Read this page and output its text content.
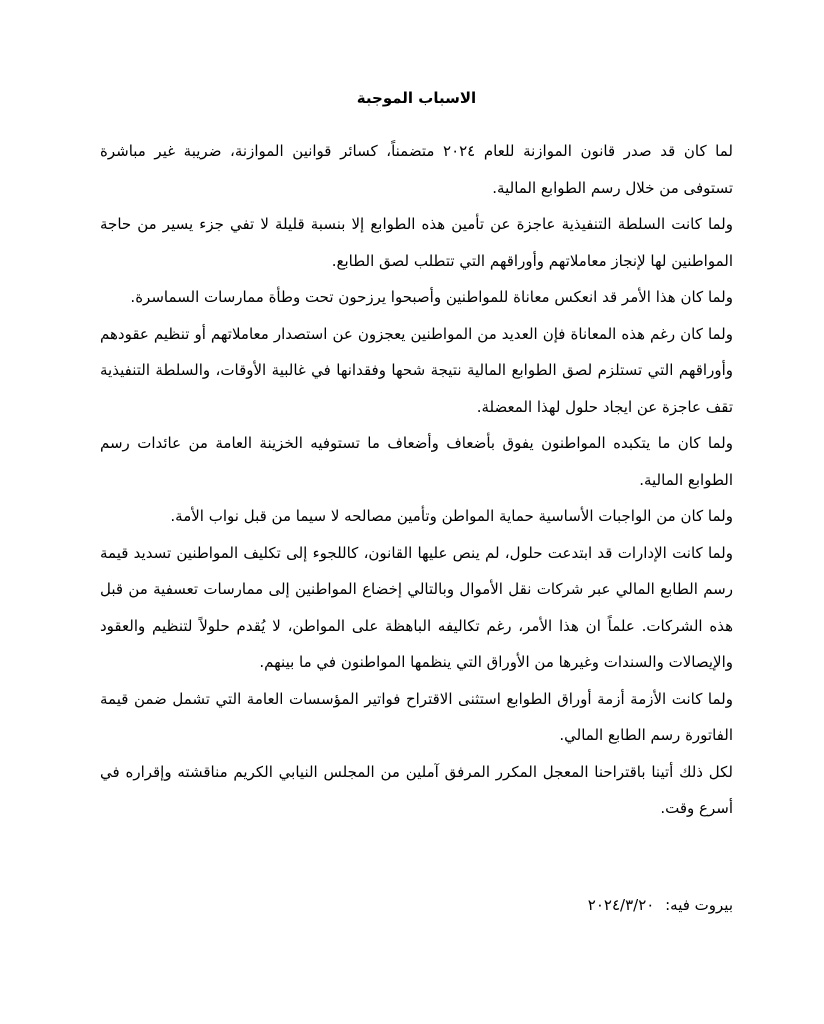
الاسباب الموجبة

لما كان قد صدر قانون الموازنة للعام ٢٠٢٤ متضمناً، كسائر قوانين الموازنة، ضريبة غير مباشرة تستوفى من خلال رسم الطوابع المالية.

ولما كانت السلطة التنفيذية عاجزة عن تأمين هذه الطوابع إلا بنسبة قليلة لا تفي جزء يسير من حاجة المواطنين لها لإنجاز معاملاتهم وأوراقهم التي تتطلب لصق الطابع.

ولما كان هذا الأمر قد انعكس معاناة للمواطنين وأصبحوا يرزحون تحت وطأة ممارسات السماسرة.

ولما كان رغم هذه المعاناة فإن العديد من المواطنين يعجزون عن استصدار معاملاتهم أو تنظيم عقودهم وأوراقهم التي تستلزم لصق الطوابع المالية نتيجة شحها وفقدانها في غالبية الأوقات، والسلطة التنفيذية تقف عاجزة عن ايجاد حلول لهذا المعضلة.

ولما كان ما يتكبده المواطنون يفوق بأضعاف وأضعاف ما تستوفيه الخزينة العامة من عائدات رسم الطوابع المالية.

ولما كان من الواجبات الأساسية حماية المواطن وتأمين مصالحه لا سيما من قبل نواب الأمة.

ولما كانت الإدارات قد ابتدعت حلول، لم ينص عليها القانون، كاللجوء إلى تكليف المواطنين تسديد قيمة رسم الطابع المالي عبر شركات نقل الأموال وبالتالي إخضاع المواطنين إلى ممارسات تعسفية من قبل هذه الشركات. علماً ان هذا الأمر، رغم تكاليفه الباهظة على المواطن، لا يُقدم حلولاً لتنظيم والعقود والإيصالات والسندات وغيرها من الأوراق التي ينظمها المواطنون في ما بينهم.

ولما كانت الأزمة أزمة أوراق الطوابع استثنى الاقتراح فواتير المؤسسات العامة التي تشمل ضمن قيمة الفاتورة رسم الطابع المالي.

لكل ذلك أتينا باقتراحنا المعجل المكرر المرفق آملين من المجلس النيابي الكريم مناقشته وإقراره في أسرع وقت.

بيروت فيه: ٢٠٢٤/٣/٢٠
